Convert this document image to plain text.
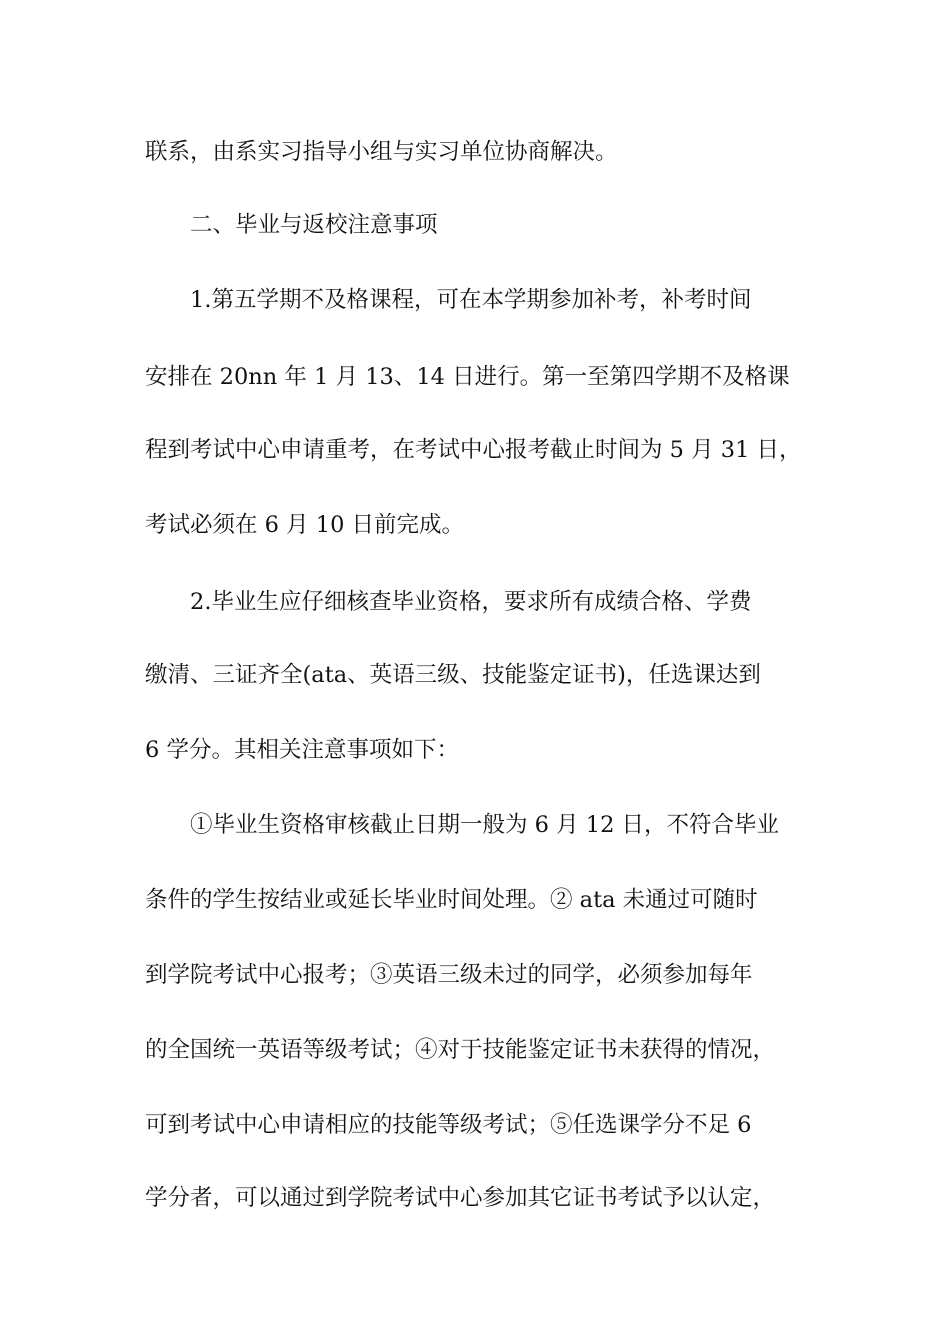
联系，由系实习指导小组与实习单位协商解决。

二、毕业与返校注意事项

1.第五学期不及格课程，可在本学期参加补考，补考时间

安排在 20nn 年 1 月 13、14 日进行。第一至第四学期不及格课

程到考试中心申请重考，在考试中心报考截止时间为 5 月 31 日，

考试必须在 6 月 10 日前完成。

2.毕业生应仔细核查毕业资格，要求所有成绩合格、学费

缴清、三证齐全(ata、英语三级、技能鉴定证书)，任选课达到

6 学分。其相关注意事项如下：

①毕业生资格审核截止日期一般为 6 月 12 日，不符合毕业

条件的学生按结业或延长毕业时间处理。② ata 未通过可随时

到学院考试中心报考；③英语三级未过的同学，必须参加每年

的全国统一英语等级考试；④对于技能鉴定证书未获得的情况，

可到考试中心申请相应的技能等级考试；⑤任选课学分不足 6

学分者，可以通过到学院考试中心参加其它证书考试予以认定，
